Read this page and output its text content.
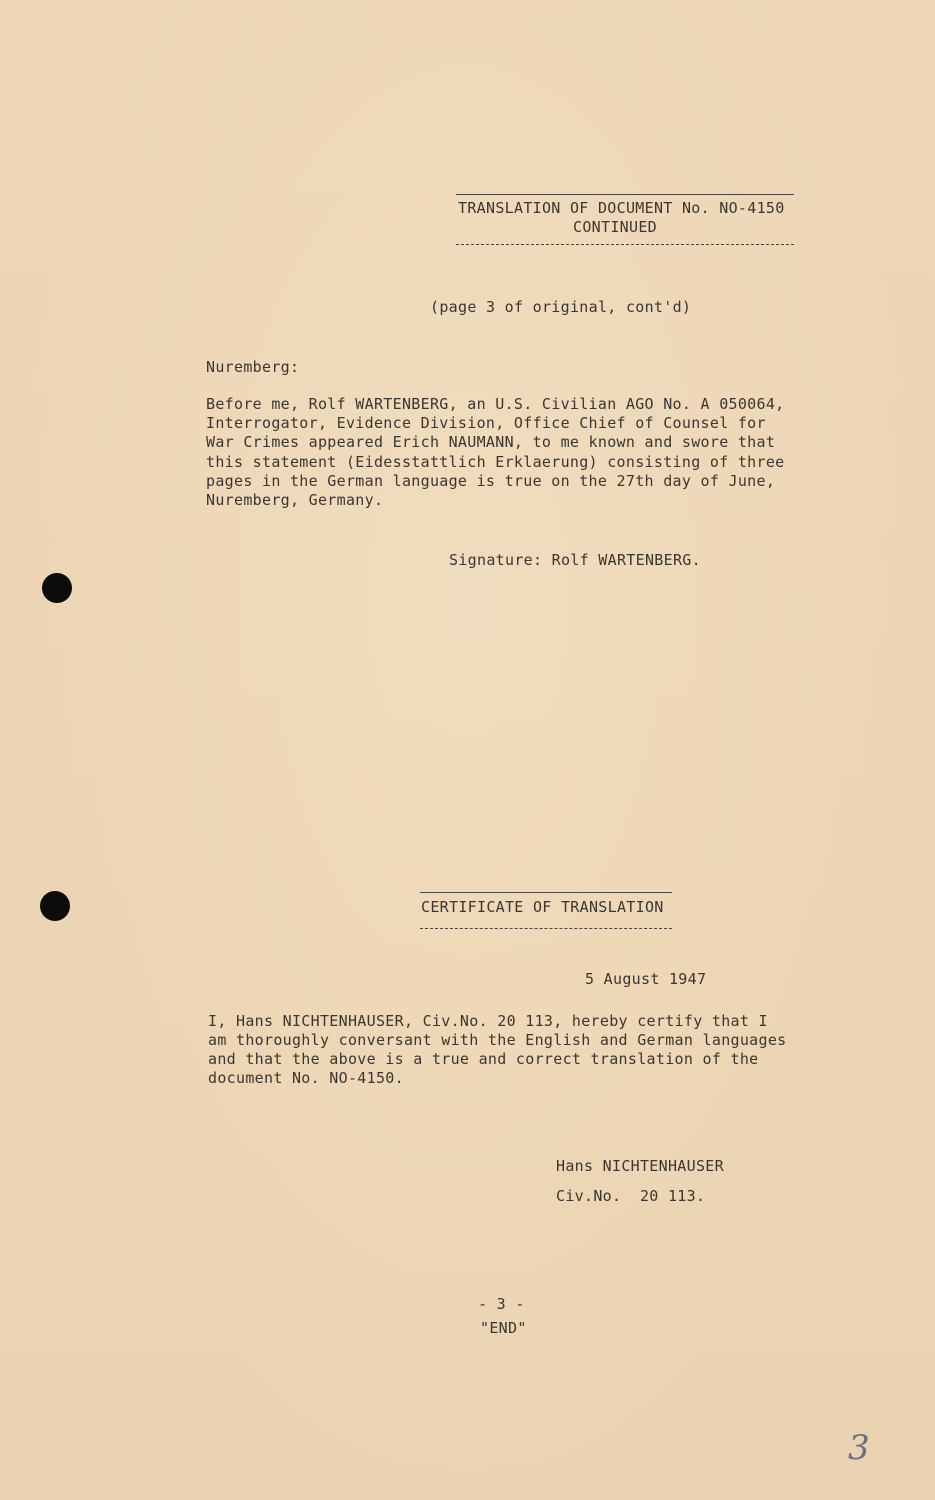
TRANSLATION OF DOCUMENT No. NO-4150
CONTINUED
(page 3 of original, cont'd)
Nuremberg:
Before me, Rolf WARTENBERG, an U.S. Civilian AGO No. A 050064,
Interrogator, Evidence Division, Office Chief of Counsel for
War Crimes appeared Erich NAUMANN, to me known and swore that
this statement (Eidesstattlich Erklaerung) consisting of three
pages in the German language is true on the 27th day of June,
Nuremberg, Germany.
Signature: Rolf WARTENBERG.
CERTIFICATE OF TRANSLATION
5 August 1947
I, Hans NICHTENHAUSER, Civ.No. 20 113, hereby certify that I
am thoroughly conversant with the English and German languages
and that the above is a true and correct translation of the
document No. NO-4150.
Hans NICHTENHAUSER
Civ.No.  20 113.
- 3 -
"END"
3
